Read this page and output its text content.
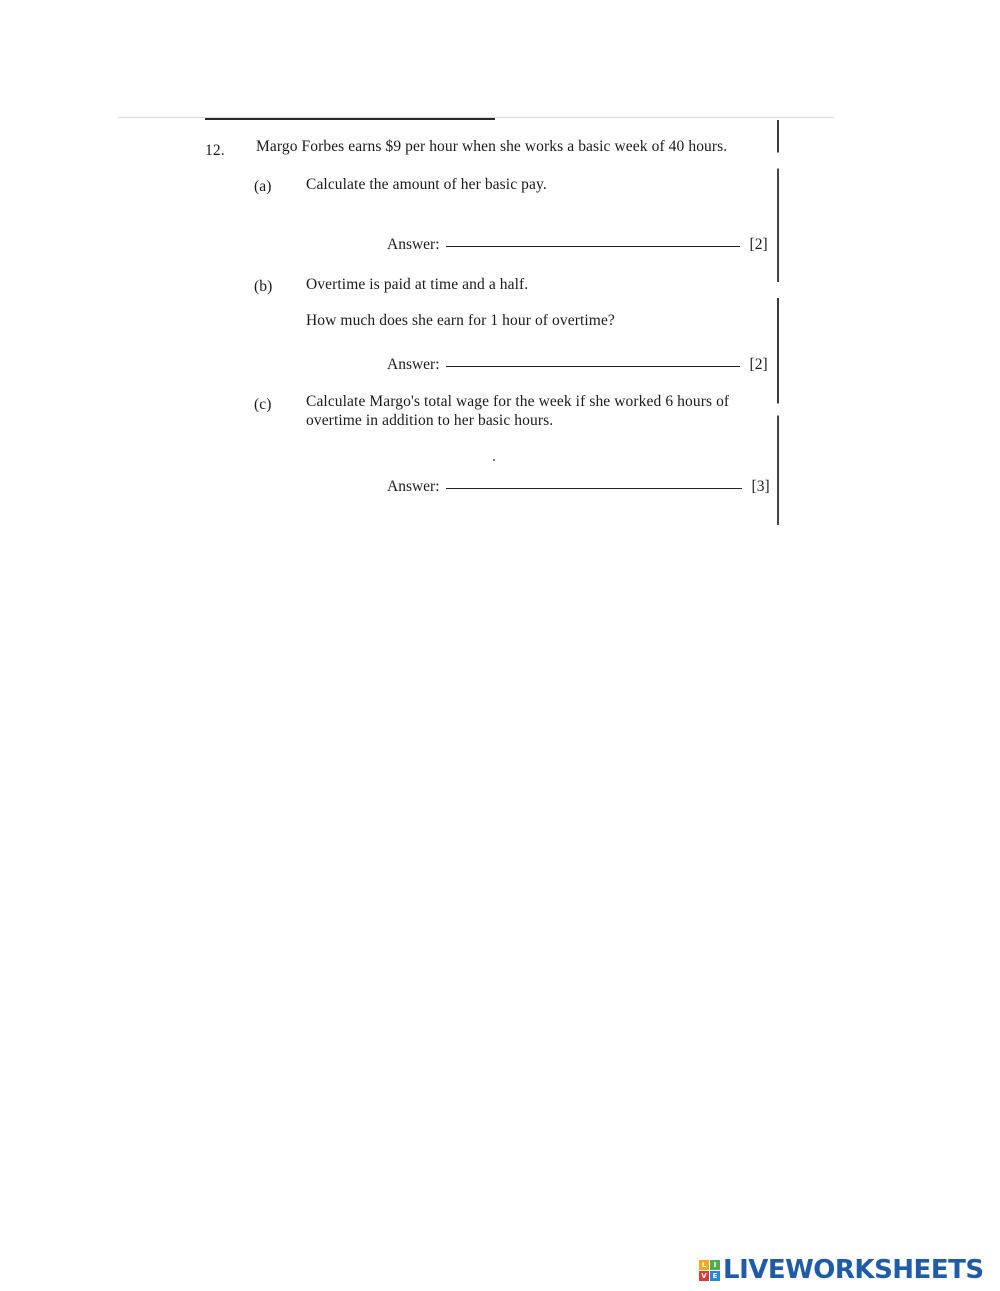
12. Margo Forbes earns $9 per hour when she works a basic week of 40 hours.
(a) Calculate the amount of her basic pay.
Answer:	[2]
(b) Overtime is paid at time and a half.
How much does she earn for 1 hour of overtime?
Answer:	[2]
(c) Calculate Margo's total wage for the week if she worked 6 hours of
overtime in addition to her basic hours.
Answer:	[3]
L	I
V E LIVEWORKSHEETS
